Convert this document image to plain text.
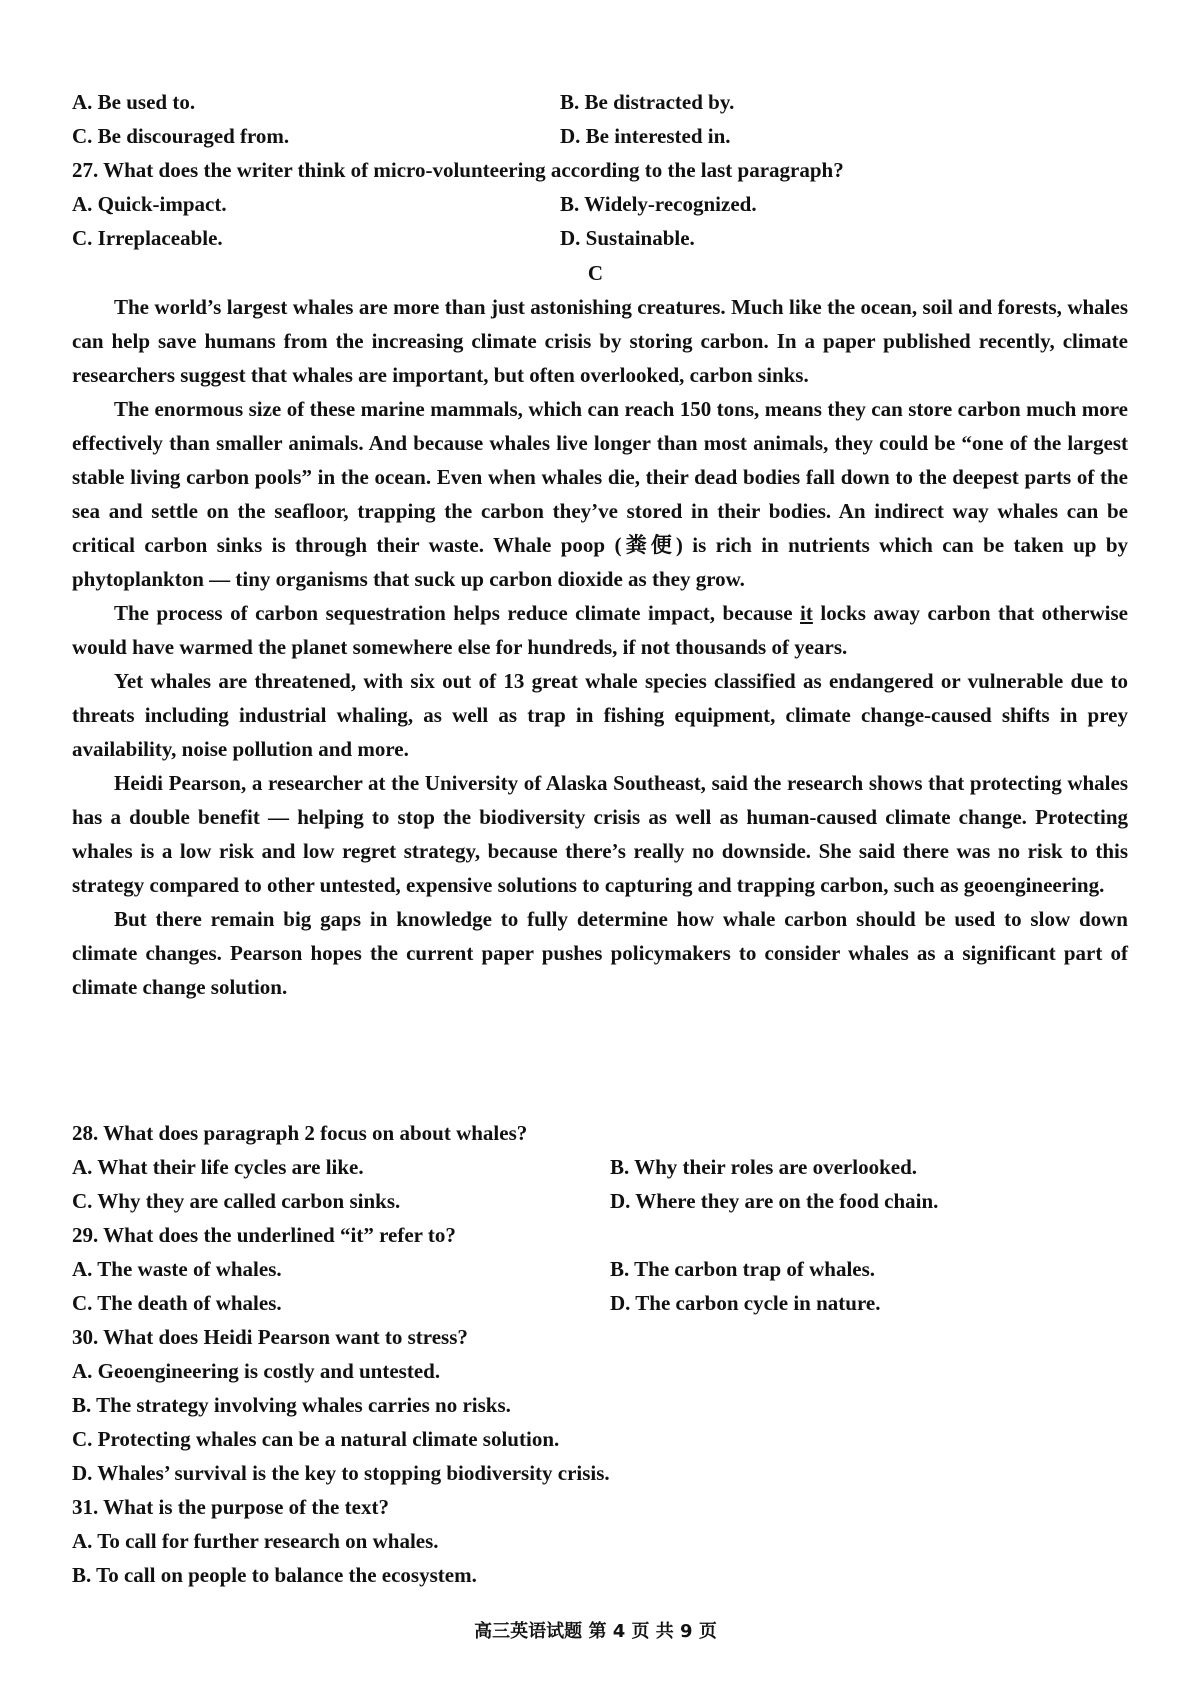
A. Be used to.	B. Be distracted by.
C. Be discouraged from.	D. Be interested in.
27. What does the writer think of micro-volunteering according to the last paragraph?
A. Quick-impact.	B. Widely-recognized.
C. Irreplaceable.	D. Sustainable.
C

The world’s largest whales are more than just astonishing creatures. Much like the ocean, soil and forests, whales can help save humans from the increasing climate crisis by storing carbon. In a paper published recently, climate researchers suggest that whales are important, but often overlooked, carbon sinks.

The enormous size of these marine mammals, which can reach 150 tons, means they can store carbon much more effectively than smaller animals. And because whales live longer than most animals, they could be “one of the largest stable living carbon pools” in the ocean. Even when whales die, their dead bodies fall down to the deepest parts of the sea and settle on the seafloor, trapping the carbon they’ve stored in their bodies. An indirect way whales can be critical carbon sinks is through their waste. Whale poop (粪便) is rich in nutrients which can be taken up by phytoplankton — tiny organisms that suck up carbon dioxide as they grow.

The process of carbon sequestration helps reduce climate impact, because it locks away carbon that otherwise would have warmed the planet somewhere else for hundreds, if not thousands of years.

Yet whales are threatened, with six out of 13 great whale species classified as endangered or vulnerable due to threats including industrial whaling, as well as trap in fishing equipment, climate change-caused shifts in prey availability, noise pollution and more.

Heidi Pearson, a researcher at the University of Alaska Southeast, said the research shows that protecting whales has a double benefit — helping to stop the biodiversity crisis as well as human-caused climate change. Protecting whales is a low risk and low regret strategy, because there’s really no downside. She said there was no risk to this strategy compared to other untested, expensive solutions to capturing and trapping carbon, such as geoengineering.

But there remain big gaps in knowledge to fully determine how whale carbon should be used to slow down climate changes. Pearson hopes the current paper pushes policymakers to consider whales as a significant part of climate change solution.

28. What does paragraph 2 focus on about whales?
A. What their life cycles are like.	B. Why their roles are overlooked.
C. Why they are called carbon sinks.	D. Where they are on the food chain.
29. What does the underlined “it” refer to?
A. The waste of whales.	B. The carbon trap of whales.
C. The death of whales.	D. The carbon cycle in nature.
30. What does Heidi Pearson want to stress?
A. Geoengineering is costly and untested.
B. The strategy involving whales carries no risks.
C. Protecting whales can be a natural climate solution.
D. Whales’ survival is the key to stopping biodiversity crisis.
31. What is the purpose of the text?
A. To call for further research on whales.
B. To call on people to balance the ecosystem.
高三英语试题 第 4 页 共 9 页
